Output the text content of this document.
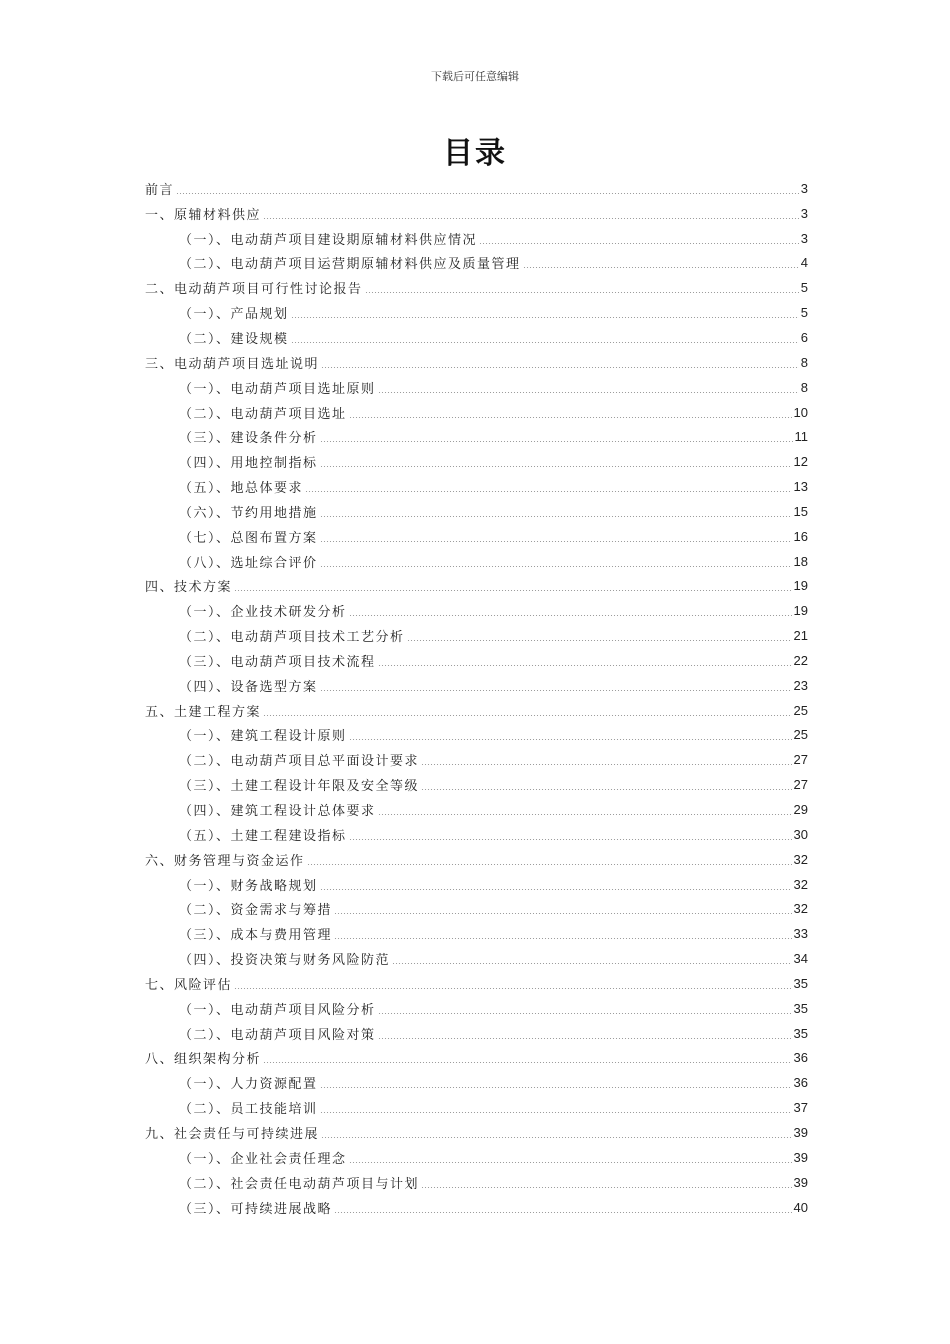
下载后可任意编辑
目录
前言	3
一、原辅材料供应	3
（一）、电动葫芦项目建设期原辅材料供应情况	3
（二）、电动葫芦项目运营期原辅材料供应及质量管理	4
二、电动葫芦项目可行性讨论报告	5
（一）、产品规划	5
（二）、建设规模	6
三、电动葫芦项目选址说明	8
（一）、电动葫芦项目选址原则	8
（二）、电动葫芦项目选址	10
（三）、建设条件分析	11
（四）、用地控制指标	12
（五）、地总体要求	13
（六）、节约用地措施	15
（七）、总图布置方案	16
（八）、选址综合评价	18
四、技术方案	19
（一）、企业技术研发分析	19
（二）、电动葫芦项目技术工艺分析	21
（三）、电动葫芦项目技术流程	22
（四）、设备选型方案	23
五、土建工程方案	25
（一）、建筑工程设计原则	25
（二）、电动葫芦项目总平面设计要求	27
（三）、土建工程设计年限及安全等级	27
（四）、建筑工程设计总体要求	29
（五）、土建工程建设指标	30
六、财务管理与资金运作	32
（一）、财务战略规划	32
（二）、资金需求与筹措	32
（三）、成本与费用管理	33
（四）、投资决策与财务风险防范	34
七、风险评估	35
（一）、电动葫芦项目风险分析	35
（二）、电动葫芦项目风险对策	35
八、组织架构分析	36
（一）、人力资源配置	36
（二）、员工技能培训	37
九、社会责任与可持续进展	39
（一）、企业社会责任理念	39
（二）、社会责任电动葫芦项目与计划	39
（三）、可持续进展战略	40
